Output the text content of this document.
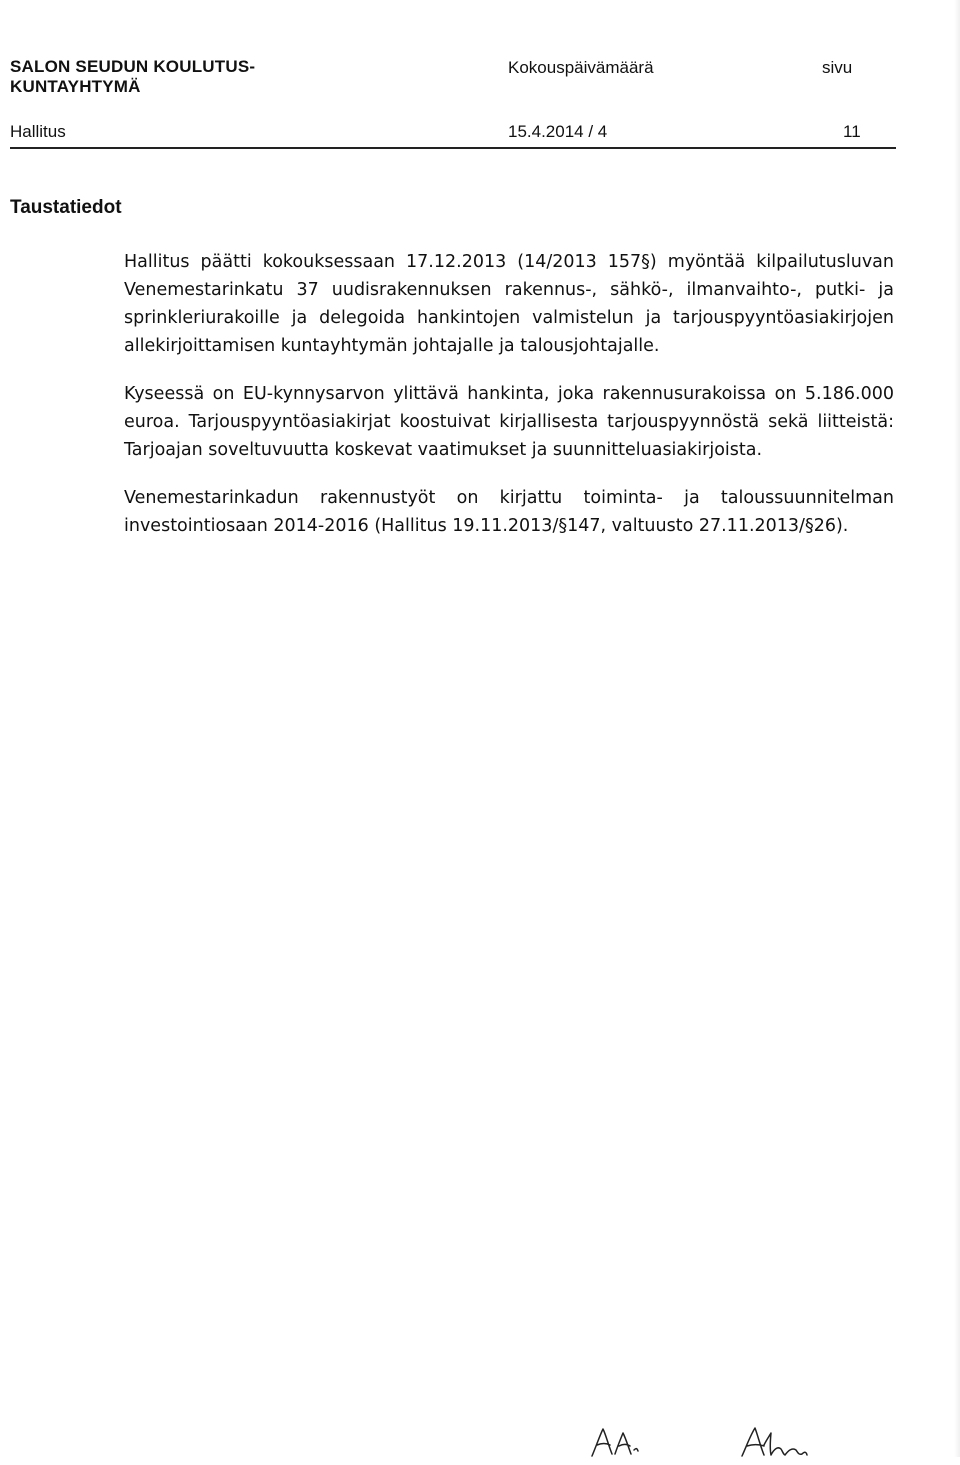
SALON SEUDUN KOULUTUS-
KUNTAYHTYMÄ
Kokouspäivämäärä	sivu
Hallitus	15.4.2014 / 4	11
Taustatiedot

Hallitus päätti kokouksessaan 17.12.2013 (14/2013 157§) myöntää kilpailutusluvan Venemestarinkatu 37 uudisrakennuksen rakennus-, sähkö-, ilmanvaihto-, putki- ja sprinkleriurakoille ja delegoida hankintojen valmistelun ja tarjouspyyntöasiakirjojen allekirjoittamisen kuntayhtymän johtajalle ja talousjohtajalle.

Kyseessä on EU-kynnysarvon ylittävä hankinta, joka rakennusurakoissa on 5.186.000 euroa. Tarjouspyyntöasiakirjat koostuivat kirjallisesta tarjouspyynnöstä sekä liitteistä: Tarjoajan soveltuvuutta koskevat vaatimukset ja suunnitteluasiakirjoista.

Venemestarinkadun rakennustyöt on kirjattu toiminta- ja taloussuunnitelman investointiosaan 2014-2016 (Hallitus 19.11.2013/§147, valtuusto 27.11.2013/§26).
